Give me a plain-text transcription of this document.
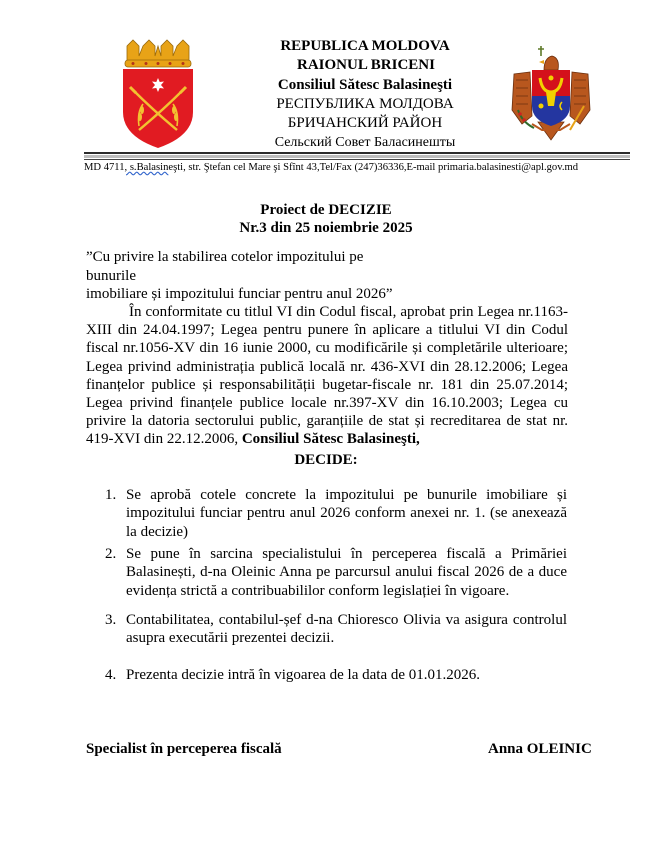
REPUBLICA MOLDOVA
RAIONUL BRICENI
Consiliul Sătesc Balasineşti
РЕСПУБЛИКА МОЛДОВА
БРИЧАНСКИЙ РАЙОН
Сельский Совет Баласинешты
MD 4711, s.Balasineşti, str. Ştefan cel Mare şi Sfînt 43,Tel/Fax (247)36336,E-mail primaria.balasinesti@apl.gov.md
Proiect de DECIZIE
Nr.3 din 25 noiembrie 2025
”Cu privire la stabilirea cotelor impozitului pe bunurile
imobiliare și impozitului funciar pentru anul 2026”
În conformitate cu titlul VI din Codul fiscal, aprobat prin Legea nr.1163-XIII din 24.04.1997; Legea pentru punere în aplicare a titlului VI din Codul fiscal nr.1056-XV din 16 iunie 2000, cu modificările și completările ulterioare; Legea privind administrația publică locală nr. 436-XVI din 28.12.2006; Legea finanțelor publice și responsabilității bugetar-fiscale nr. 181 din 25.07.2014; Legea privind finanțele publice locale nr.397-XV din 16.10.2003; Legea cu privire la datoria sectorului public, garanțiile de stat și recreditarea de stat nr. 419-XVI din 22.12.2006, Consiliul Sătesc Balasineşti,
DECIDE:
1. Se aprobă cotele concrete la impozitului pe bunurile imobiliare și impozitului funciar pentru anul 2026 conform anexei nr. 1. (se anexează la decizie)
2. Se pune în sarcina specialistului în perceperea fiscală a Primăriei Balasinești, d-na Oleinic Anna pe parcursul anului fiscal 2026 de a duce evidența strictă a contribuabililor conform legislației în vigoare.
3. Contabilitatea, contabilul-șef d-na Chioresco Olivia va asigura controlul asupra executării prezentei decizii.
4. Prezenta decizie intră în vigoarea de la data de 01.01.2026.
Specialist în perceperea fiscală	Anna OLEINIC
